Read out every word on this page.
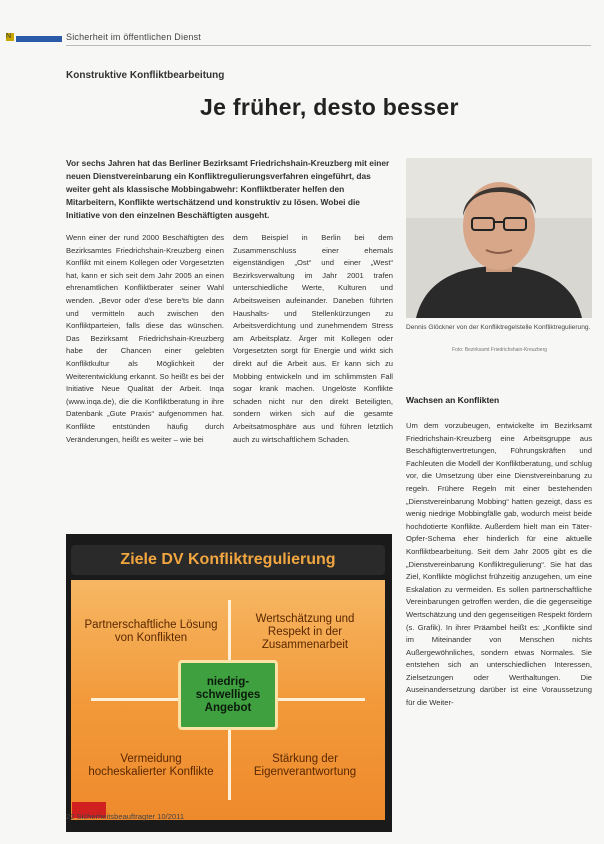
N	Sicherheit im öffentlichen Dienst
Konstruktive Konfliktbearbeitung
Je früher, desto besser
Vor sechs Jahren hat das Berliner Bezirksamt Friedrichshain-Kreuzberg mit einer neuen Dienstvereinbarung ein Konfliktregulierungsverfahren eingeführt, das weiter geht als klassische Mobbingabwehr: Konfliktberater helfen den Mitarbeitern, Konflikte wertschätzend und konstruktiv zu lösen. Wobei die Initiative von den einzelnen Beschäftigten ausgeht.
Dennis Glöckner von der Konfliktregelstelle Konfliktregulierung.
Foto: Bezirksamt Friedrichshain-Kreuzberg
Wenn einer der rund 2000 Beschäftigten des Bezirksamtes Friedrichshain-Kreuzberg einen Konflikt mit einem Kollegen oder Vorgesetzten hat, kann er sich seit dem Jahr 2005 an einen ehrenamtlichen Konfliktberater seiner Wahl wenden. „Bevor oder d'ese bere'ts ble dann und vermitteln auch zwischen den Konfliktparteien, falls diese das wünschen. Das Bezirksamt Friedrichshain-Kreuzberg habe der Chancen einer gelebten Konfliktkultur als Möglichkeit der Weiterentwicklung erkannt. So heißt es bei der Initiative Neue Qualität der Arbeit. Inqa (www.inqa.de), die die Konfliktberatung in ihre Datenbank „Gute Praxis“ aufgenommen hat. Konflikte entstünden häufig durch Veränderungen, heißt es weiter – wie bei
dem Beispiel in Berlin bei dem Zusammenschluss einer ehemals eigenständigen „Ost“ und einer „West“ Bezirksverwaltung im Jahr 2001 trafen unterschiedliche Werte, Kulturen und Arbeitsweisen aufeinander. Daneben führten Haushalts- und Stellenkürzungen zu Arbeitsverdichtung und zunehmendem Stress am Arbeitsplatz. Ärger mit Kollegen oder Vorgesetzten sorgt für Energie und wirkt sich direkt auf die Arbeit aus. Er kann sich zu Mobbing entwickeln und im schlimmsten Fall sogar krank machen. Ungelöste Konflikte schaden nicht nur den direkt Beteiligten, sondern wirken sich auf die gesamte Arbeitsatmosphäre aus und führen letztlich auch zu wirtschaftlichem Schaden.
Wachsen an Konflikten
Um dem vorzubeugen, entwickelte im Bezirksamt Friedrichshain-Kreuzberg eine Arbeitsgruppe aus Beschäftigtenvertretungen, Führungskräften und Fachleuten die Modell der Konfliktberatung, und schlug vor, die Umsetzung über eine Dienstvereinbarung zu regeln. Frühere Regeln mit einer bestehenden „Dienstvereinbarung Mobbing“ hatten gezeigt, dass es wenig niedrige Mobbingfälle gab, wodurch meist beide hochdotierte Konflikte. Außerdem hielt man ein Täter-Opfer-Schema eher hinderlich für eine aktuelle Konfliktbearbeitung. Seit dem Jahr 2005 gibt es die „Dienstvereinbarung Konfliktregulierung“. Sie hat das Ziel, Konflikte möglichst frühzeitig anzugehen, um eine Eskalation zu vermeiden. Es sollen partnerschaftliche Vereinbarungen getroffen werden, die die gegenseitige Wertschätzung und den gegenseitigen Respekt fördern (s. Grafik). In ihrer Präambel heißt es: „Konflikte sind im Miteinander von Menschen nichts Außergewöhnliches, sondern etwas Normales. Sie entstehen sich an unterschiedlichen Interessen, Zielsetzungen oder Werthaltungen. Die Auseinandersetzung darüber ist eine Voraussetzung für die Weiter-
Ziele DV Konfliktregulierung
Partnerschaftliche Lösung von Konflikten
Wertschätzung und Respekt in der Zusammenarbeit
Vermeidung hocheskalierter Konflikte
Stärkung der Eigenverantwortung
niedrig-schwelliges Angebot
22 Sicherheitsbeauftragter 10/2011
